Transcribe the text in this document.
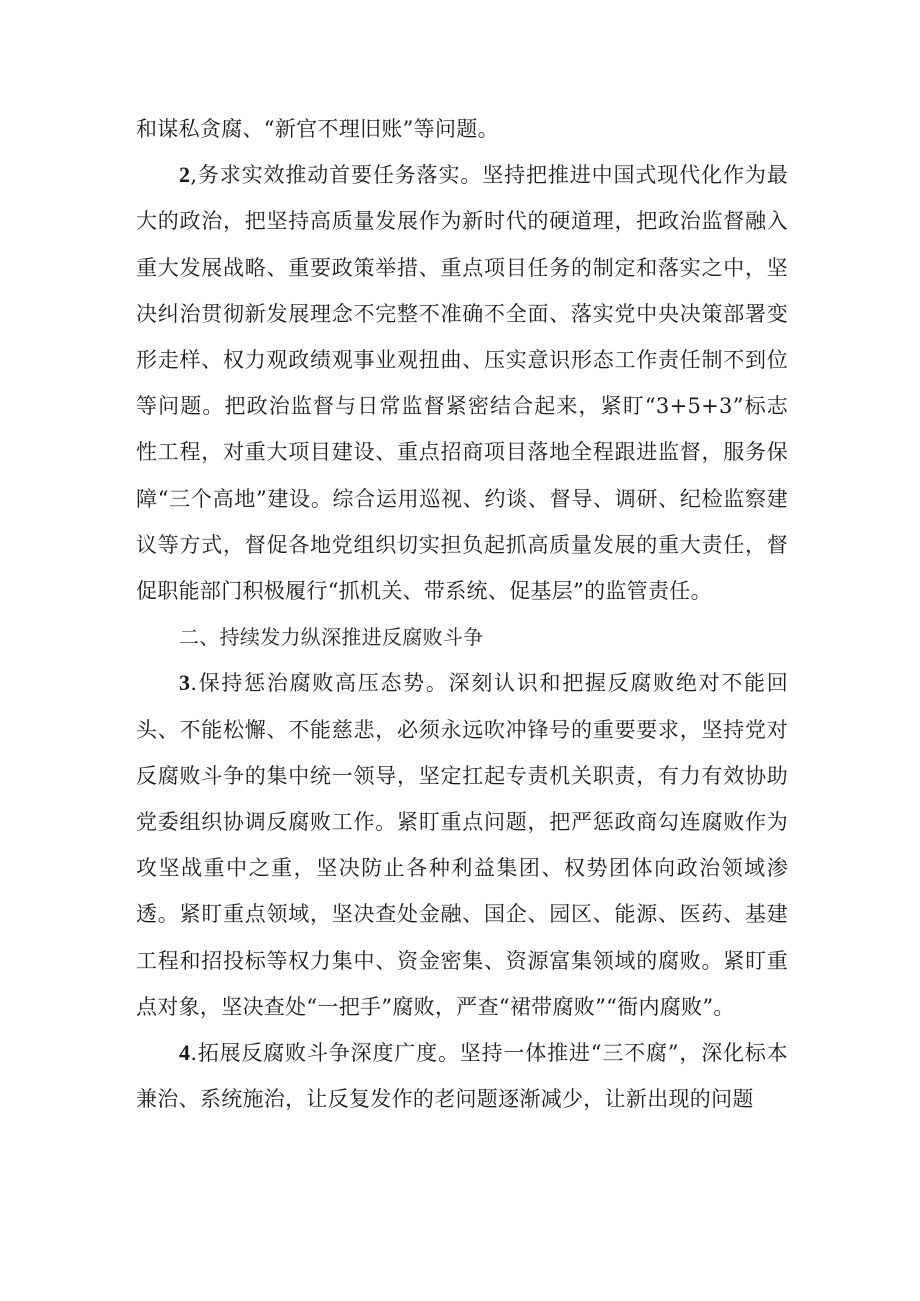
和谋私贪腐、“新官不理旧账”等问题。

2,务求实效推动首要任务落实。坚持把推进中国式现代化作为最大的政治，把坚持高质量发展作为新时代的硬道理，把政治监督融入重大发展战略、重要政策举措、重点项目任务的制定和落实之中，坚决纠治贯彻新发展理念不完整不准确不全面、落实党中央决策部署变形走样、权力观政绩观事业观扭曲、压实意识形态工作责任制不到位等问题。把政治监督与日常监督紧密结合起来，紧盯“3+5+3”标志性工程，对重大项目建设、重点招商项目落地全程跟进监督，服务保障“三个高地”建设。综合运用巡视、约谈、督导、调研、纪检监察建议等方式，督促各地党组织切实担负起抓高质量发展的重大责任，督促职能部门积极履行“抓机关、带系统、促基层”的监管责任。

二、持续发力纵深推进反腐败斗争

3.保持惩治腐败高压态势。深刻认识和把握反腐败绝对不能回头、不能松懈、不能慈悲，必须永远吹冲锋号的重要要求，坚持党对反腐败斗争的集中统一领导，坚定扛起专责机关职责，有力有效协助党委组织协调反腐败工作。紧盯重点问题，把严惩政商勾连腐败作为攻坚战重中之重，坚决防止各种利益集团、权势团体向政治领域渗透。紧盯重点领域，坚决查处金融、国企、园区、能源、医药、基建工程和招投标等权力集中、资金密集、资源富集领域的腐败。紧盯重点对象，坚决查处“一把手”腐败，严查“裙带腐败”“衙内腐败”。

4.拓展反腐败斗争深度广度。坚持一体推进“三不腐”，深化标本兼治、系统施治，让反复发作的老问题逐渐减少，让新出现的问题
